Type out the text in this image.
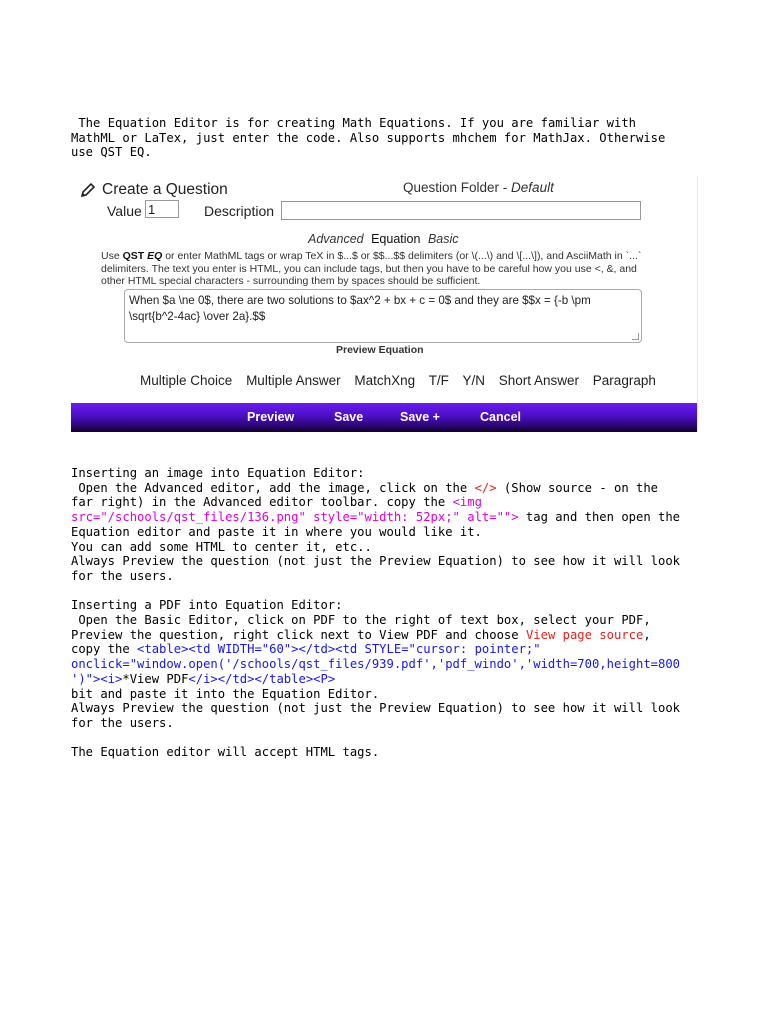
The Equation Editor is for creating Math Equations. If you are familiar with
MathML or LaTex, just enter the code. Also supports mhchem for MathJax. Otherwise
use QST EQ.
Create a Question	Question Folder - Default
Value 1	Description
Advanced Equation Basic
Use QST EQ or enter MathML tags or wrap TeX in $...$ or $$...$$ delimiters (or \(...\) and \[...\]), and AsciiMath in `...` delimiters. The text you enter is HTML, you can include tags, but then you have to be careful how you use <, &, and other HTML special characters - surrounding them by spaces should be sufficient.
When $a \ne 0$, there are two solutions to $ax^2 + bx + c = 0$ and they are $$x = {-b \pm \sqrt{b^2-4ac} \over 2a}.$$
Preview Equation
Multiple Choice Multiple Answer MatchXng T/F Y/N Short Answer Paragraph
Preview	Save	Save +	Cancel
Inserting an image into Equation Editor:
Open the Advanced editor, add the image, click on the </> (Show source - on the
far right) in the Advanced editor toolbar. copy the <img
src="/schools/qst_files/136.png" style="width: 52px;" alt=""> tag and then open the
Equation editor and paste it in where you would like it.
You can add some HTML to center it, etc..
Always Preview the question (not just the Preview Equation) to see how it will look
for the users.

Inserting a PDF into Equation Editor:
Open the Basic Editor, click on PDF to the right of text box, select your PDF,
Preview the question, right click next to View PDF and choose View page source,
copy the <table><td WIDTH="60"></td><td STYLE="cursor: pointer;"
onclick="window.open('/schools/qst_files/939.pdf','pdf_windo','width=700,height=800
')"><i>*View PDF</i></td></table><P>
bit and paste it into the Equation Editor.
Always Preview the question (not just the Preview Equation) to see how it will look
for the users.

The Equation editor will accept HTML tags.
